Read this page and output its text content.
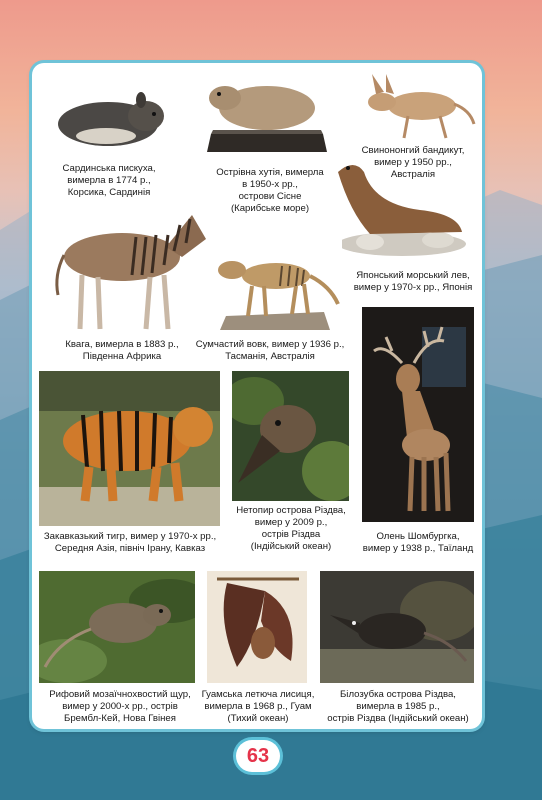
Сардинська пискуха,
вимерла в 1774 р.,
Корсика, Сардинія
Острівна хутія, вимерла
в 1950-х рр.,
острови Сісне
(Карибське море)
Свинононгий бандикут,
вимер у 1950 рр.,
Австралія
Японський морський лев,
вимер у 1970-х рр., Японія
Квага, вимерла в 1883 р.,
Південна Африка
Сумчастий вовк, вимер у 1936 р.,
Тасманія, Австралія
Закавказький тигр, вимер у 1970-х рр.,
Середня Азія, північ Ірану, Кавказ
Нетопир острова Різдва,
вимер у 2009 р.,
острів Різдва
(Індійський океан)
Олень Шомбургка,
вимер у 1938 р., Таїланд
Рифовий мозаїчнохвостий щур,
вимер у 2000-х рр., острів
Брембл-Кей, Нова Гвінея
Гуамська летюча лисиця,
вимерла в 1968 р., Гуам
(Тихий океан)
Білозубка острова Різдва,
вимерла в 1985 р.,
острів Різдва (Індійський океан)
63
